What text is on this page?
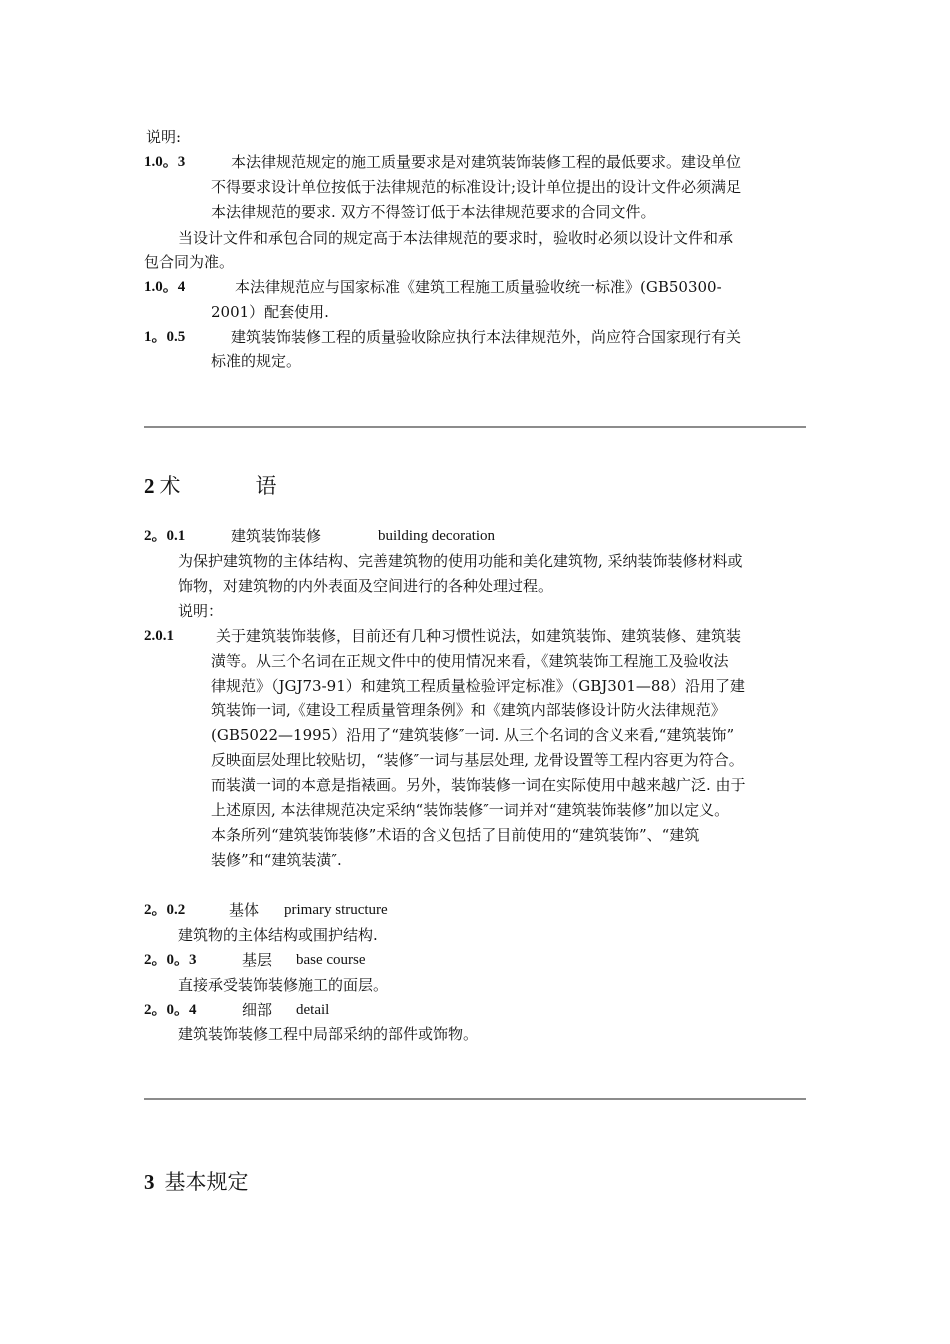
说明:
1.0。3	本法律规范规定的施工质量要求是对建筑装饰装修工程的最低要求。建设单位
不得要求设计单位按低于法律规范的标准设计;设计单位提出的设计文件必须满足
本法律规范的要求. 双方不得签订低于本法律规范要求的合同文件。
当设计文件和承包合同的规定高于本法律规范的要求时，验收时必须以设计文件和承
包合同为准。
1.0。4	本法律规范应与国家标准《建筑工程施工质量验收统一标准》(GB50300-
2001）配套使用.
1。0.5	建筑装饰装修工程的质量验收除应执行本法律规范外，尚应符合国家现行有关
标准的规定。
2 术	语
2。0.1	建筑装饰装修	building decoration
为保护建筑物的主体结构、完善建筑物的使用功能和美化建筑物, 采纳装饰装修材料或
饰物，对建筑物的内外表面及空间进行的各种处理过程。
说明：
2.0.1	关于建筑装饰装修，目前还有几种习惯性说法，如建筑装饰、建筑装修、建筑装
潢等。从三个名词在正规文件中的使用情况来看，《建筑装饰工程施工及验收法
律规范》（JGJ73-91）和建筑工程质量检验评定标准》（GBJ301—88）沿用了建
筑装饰一词,《建设工程质量管理条例》和《建筑内部装修设计防火法律规范》
(GB5022—1995）沿用了“建筑装修″一词. 从三个名词的含义来看,“建筑装饰”
反映面层处理比较贴切，“装修″一词与基层处理, 龙骨设置等工程内容更为符合。
而装潢一词的本意是指裱画。另外，装饰装修一词在实际使用中越来越广泛. 由于
上述原因, 本法律规范决定采纳“装饰装修″一词并对“建筑装饰装修”加以定义。
本条所列“建筑装饰装修”术语的含义包括了目前使用的“建筑装饰”、“建筑
装修”和“建筑装潢″.
2。0.2	基体 primary structure
建筑物的主体结构或围护结构.
2。0。3	基层 base course
直接承受装饰装修施工的面层。
2。0。4	细部 detail
建筑装饰装修工程中局部采纳的部件或饰物。
3 基本规定
